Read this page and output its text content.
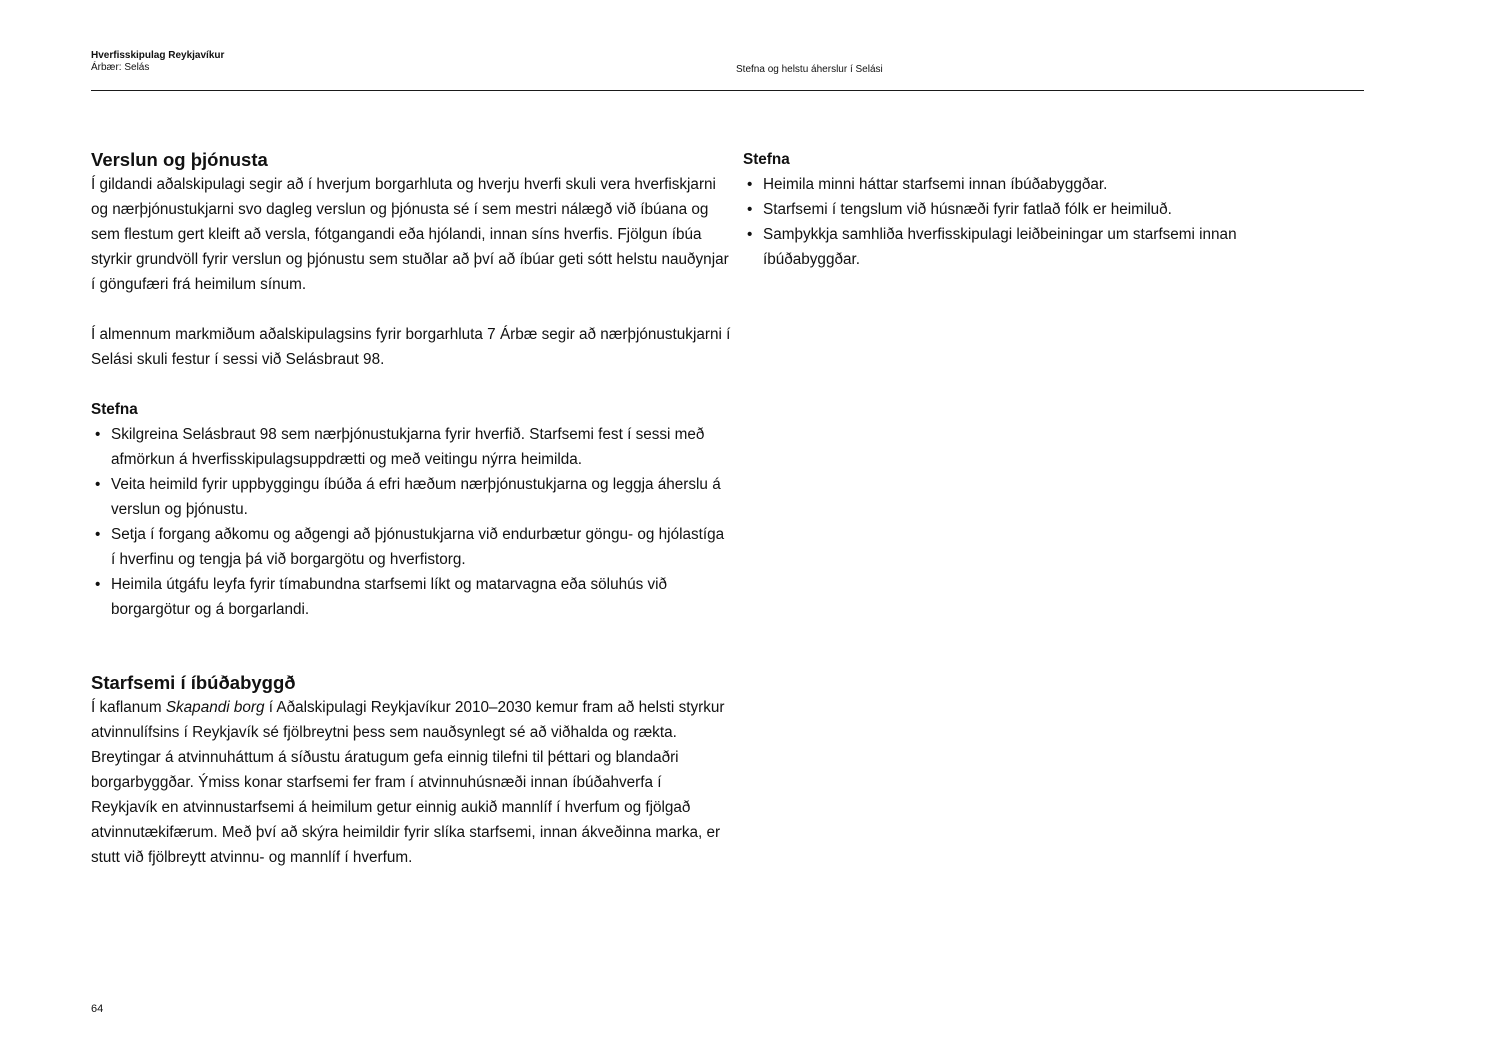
Hverfisskipulag Reykjavíkur
Árbær: Selás	Stefna og helstu áherslur í Selási
Verslun og þjónusta

Í gildandi aðalskipulagi segir að í hverjum borgarhluta og hverju hverfi skuli vera hverfiskjarni og nærþjónustukjarni svo dagleg verslun og þjónusta sé í sem mestri nálægð við íbúana og sem flestum gert kleift að versla, fótgangandi eða hjólandi, innan síns hverfis. Fjölgun íbúa styrkir grundvöll fyrir verslun og þjónustu sem stuðlar að því að íbúar geti sótt helstu nauðynjar í göngufæri frá heimilum sínum.

Í almennum markmiðum aðalskipulagsins fyrir borgarhluta 7 Árbæ segir að nærþjónustukjarni í Selási skuli festur í sessi við Selásbraut 98.

Stefna

• Skilgreina Selásbraut 98 sem nærþjónustukjarna fyrir hverfið. Starfsemi fest í sessi með afmörkun á hverfisskipulagsuppdrætti og með veitingu nýrra heimilda.
• Veita heimild fyrir uppbyggingu íbúða á efri hæðum nærþjónustukjarna og leggja áherslu á verslun og þjónustu.
• Setja í forgang aðkomu og aðgengi að þjónustukjarna við endurbætur göngu- og hjólastíga í hverfinu og tengja þá við borgargötu og hverfistorg.
• Heimila útgáfu leyfa fyrir tímabundna starfsemi líkt og matarvagna eða söluhús við borgargötur og á borgarlandi.
Starfsemi í íbúðabyggð

Í kaflanum Skapandi borg í Aðalskipulagi Reykjavíkur 2010–2030 kemur fram að helsti styrkur atvinnulífsins í Reykjavík sé fjölbreytni þess sem nauðsynlegt sé að viðhalda og rækta. Breytingar á atvinnuháttum á síðustu áratugum gefa einnig tilefni til þéttari og blandaðri borgarbyggðar. Ýmiss konar starfsemi fer fram í atvinnuhúsnæði innan íbúðahverfa í Reykjavík en atvinnustarfsemi á heimilum getur einnig aukið mannlíf í hverfum og fjölgað atvinnutækifærum. Með því að skýra heimildir fyrir slíka starfsemi, innan ákveðinna marka, er stutt við fjölbreytt atvinnu- og mannlíf í hverfum.

Stefna

• Heimila minni háttar starfsemi innan íbúðabyggðar.
• Starfsemi í tengslum við húsnæði fyrir fatlað fólk er heimiluð.
• Samþykkja samhliða hverfisskipulagi leiðbeiningar um starfsemi innan íbúðabyggðar.
64
